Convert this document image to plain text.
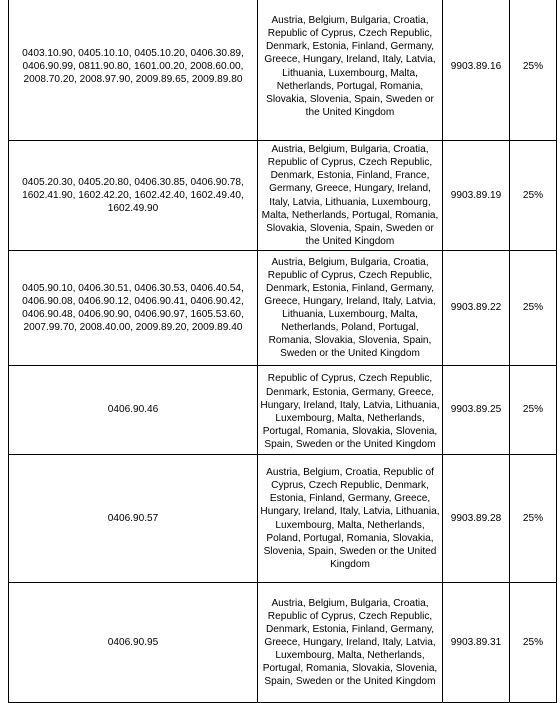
0403.10.90, 0405.10.10, 0405.10.20, 0406.30.89, 0406.90.99, 0811.90.80, 1601.00.20, 2008.60.00, 2008.70.20, 2008.97.90, 2009.89.65, 2009.89.80	Austria, Belgium, Bulgaria, Croatia, Republic of Cyprus, Czech Republic, Denmark, Estonia, Finland, Germany, Greece, Hungary, Ireland, Italy, Latvia, Lithuania, Luxembourg, Malta, Netherlands, Portugal, Romania, Slovakia, Slovenia, Spain, Sweden or the United Kingdom	9903.89.16	25%

0405.20.30, 0405.20.80, 0406.30.85, 0406.90.78, 1602.41.90, 1602.42.20, 1602.42.40, 1602.49.40, 1602.49.90	Austria, Belgium, Bulgaria, Croatia, Republic of Cyprus, Czech Republic, Denmark, Estonia, Finland, France, Germany, Greece, Hungary, Ireland, Italy, Latvia, Lithuania, Luxembourg, Malta, Netherlands, Portugal, Romania, Slovakia, Slovenia, Spain, Sweden or the United Kingdom	9903.89.19	25%

0405.90.10, 0406.30.51, 0406.30.53, 0406.40.54, 0406.90.08, 0406.90.12, 0406.90.41, 0406.90.42, 0406.90.48, 0406.90.90, 0406.90.97, 1605.53.60, 2007.99.70, 2008.40.00, 2009.89.20, 2009.89.40	Austria, Belgium, Bulgaria, Croatia, Republic of Cyprus, Czech Republic, Denmark, Estonia, Finland, Germany, Greece, Hungary, Ireland, Italy, Latvia, Lithuania, Luxembourg, Malta, Netherlands, Poland, Portugal, Romania, Slovakia, Slovenia, Spain, Sweden or the United Kingdom	9903.89.22	25%

0406.90.46	Republic of Cyprus, Czech Republic, Denmark, Estonia, Germany, Greece, Hungary, Ireland, Italy, Latvia, Lithuania, Luxembourg, Malta, Netherlands, Portugal, Romania, Slovakia, Slovenia, Spain, Sweden or the United Kingdom	9903.89.25	25%

0406.90.57	Austria, Belgium, Croatia, Republic of Cyprus, Czech Republic, Denmark, Estonia, Finland, Germany, Greece, Hungary, Ireland, Italy, Latvia, Lithuania, Luxembourg, Malta, Netherlands, Poland, Portugal, Romania, Slovakia, Slovenia, Spain, Sweden or the United Kingdom	9903.89.28	25%

0406.90.95	Austria, Belgium, Bulgaria, Croatia, Republic of Cyprus, Czech Republic, Denmark, Estonia, Finland, Germany, Greece, Hungary, Ireland, Italy, Latvia, Luxembourg, Malta, Netherlands, Portugal, Romania, Slovakia, Slovenia, Spain, Sweden or the United Kingdom	9903.89.31	25%
